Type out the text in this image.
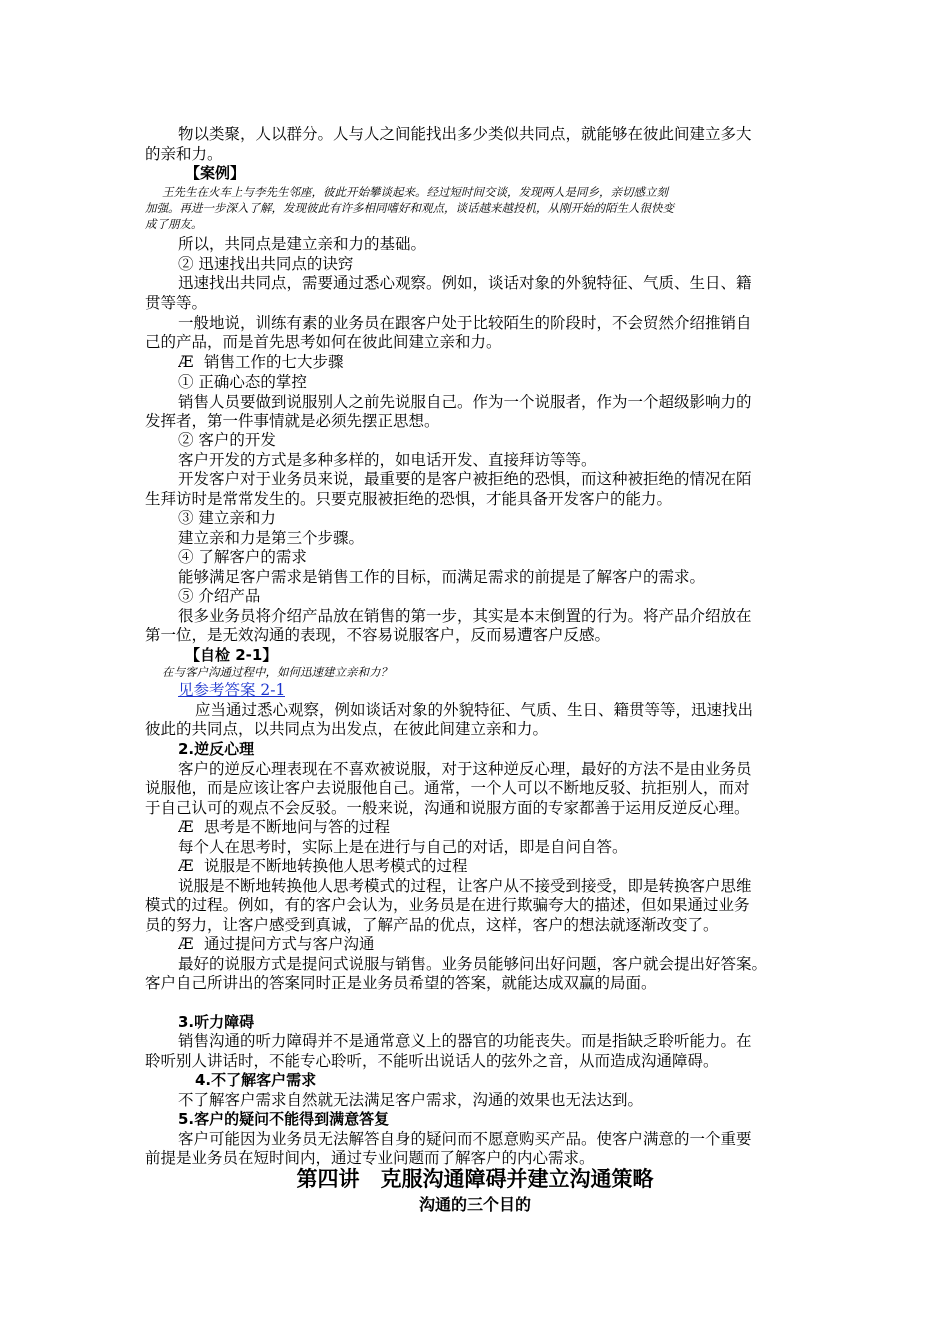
物以类聚，人以群分。人与人之间能找出多少类似共同点，就能够在彼此间建立多大
的亲和力。
【案例】
王先生在火车上与李先生邻座，彼此开始攀谈起来。经过短时间交谈，发现两人是同乡，亲切感立刻
加强。再进一步深入了解，发现彼此有许多相同嗜好和观点，谈话越来越投机，从刚开始的陌生人很快变
成了朋友。
所以，共同点是建立亲和力的基础。
② 迅速找出共同点的诀窍
迅速找出共同点，需要通过悉心观察。例如，谈话对象的外貌特征、气质、生日、籍
贯等等。
一般地说，训练有素的业务员在跟客户处于比较陌生的阶段时，不会贸然介绍推销自
己的产品，而是首先思考如何在彼此间建立亲和力。
Æ 销售工作的七大步骤
① 正确心态的掌控
销售人员要做到说服别人之前先说服自己。作为一个说服者，作为一个超级影响力的
发挥者，第一件事情就是必须先摆正思想。
② 客户的开发
客户开发的方式是多种多样的，如电话开发、直接拜访等等。
开发客户对于业务员来说，最重要的是客户被拒绝的恐惧，而这种被拒绝的情况在陌
生拜访时是常常发生的。只要克服被拒绝的恐惧，才能具备开发客户的能力。
③ 建立亲和力
建立亲和力是第三个步骤。
④ 了解客户的需求
能够满足客户需求是销售工作的目标，而满足需求的前提是了解客户的需求。
⑤ 介绍产品
很多业务员将介绍产品放在销售的第一步，其实是本末倒置的行为。将产品介绍放在
第一位，是无效沟通的表现，不容易说服客户，反而易遭客户反感。
【自检 2-1】
在与客户沟通过程中，如何迅速建立亲和力？
见参考答案 2-1
应当通过悉心观察，例如谈话对象的外貌特征、气质、生日、籍贯等等，迅速找出
彼此的共同点，以共同点为出发点，在彼此间建立亲和力。
2.逆反心理
客户的逆反心理表现在不喜欢被说服，对于这种逆反心理，最好的方法不是由业务员
说服他，而是应该让客户去说服他自己。通常，一个人可以不断地反驳、抗拒别人，而对
于自己认可的观点不会反驳。一般来说，沟通和说服方面的专家都善于运用反逆反心理。
Æ 思考是不断地问与答的过程
每个人在思考时，实际上是在进行与自己的对话，即是自问自答。
Æ 说服是不断地转换他人思考模式的过程
说服是不断地转换他人思考模式的过程，让客户从不接受到接受，即是转换客户思维
模式的过程。例如，有的客户会认为，业务员是在进行欺骗夸大的描述，但如果通过业务
员的努力，让客户感受到真诚，了解产品的优点，这样，客户的想法就逐渐改变了。
Æ 通过提问方式与客户沟通
最好的说服方式是提问式说服与销售。业务员能够问出好问题，客户就会提出好答案。
客户自己所讲出的答案同时正是业务员希望的答案，就能达成双赢的局面。
3.听力障碍
销售沟通的听力障碍并不是通常意义上的器官的功能丧失。而是指缺乏聆听能力。在
聆听别人讲话时，不能专心聆听，不能听出说话人的弦外之音，从而造成沟通障碍。
4.不了解客户需求
不了解客户需求自然就无法满足客户需求，沟通的效果也无法达到。
5.客户的疑问不能得到满意答复
客户可能因为业务员无法解答自身的疑问而不愿意购买产品。使客户满意的一个重要
前提是业务员在短时间内，通过专业问题而了解客户的内心需求。
第四讲　克服沟通障碍并建立沟通策略
沟通的三个目的
